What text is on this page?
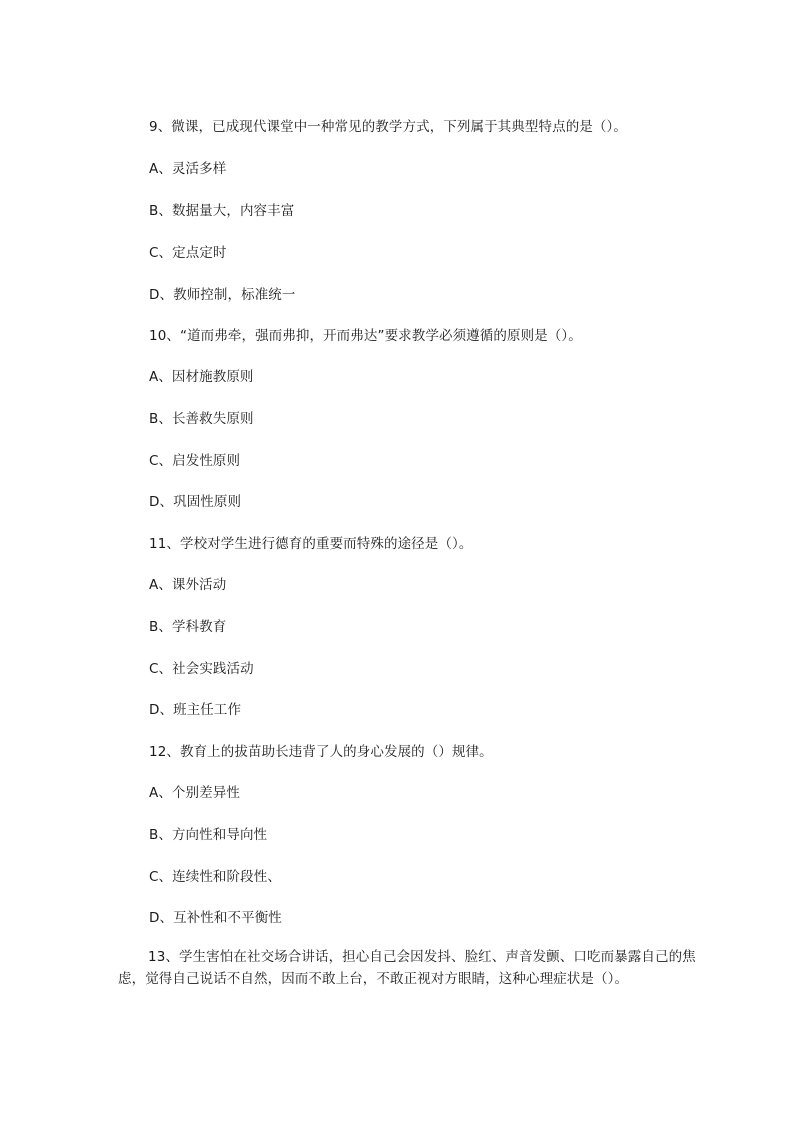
9、微课，已成现代课堂中一种常见的教学方式，下列属于其典型特点的是（）。
A、灵活多样
B、数据量大，内容丰富
C、定点定时
D、教师控制，标准统一
10、“道而弗牵，强而弗抑，开而弗达”要求教学必须遵循的原则是（）。
A、因材施教原则
B、长善救失原则
C、启发性原则
D、巩固性原则
11、学校对学生进行德育的重要而特殊的途径是（）。
A、课外活动
B、学科教育
C、社会实践活动
D、班主任工作
12、教育上的拔苗助长违背了人的身心发展的（）规律。
A、个别差异性
B、方向性和导向性
C、连续性和阶段性、
D、互补性和不平衡性
13、学生害怕在社交场合讲话，担心自己会因发抖、脸红、声音发颤、口吃而暴露自己的焦虑，觉得自己说话不自然，因而不敢上台，不敢正视对方眼睛，这种心理症状是（）。
